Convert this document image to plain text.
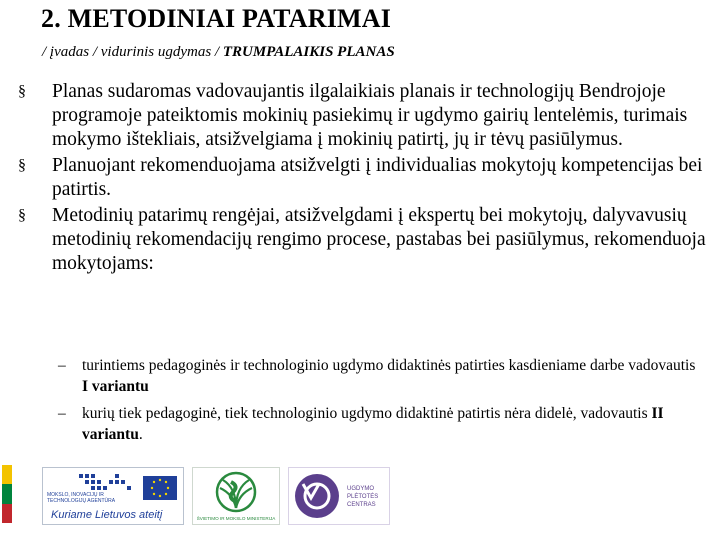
2. METODINIAI PATARIMAI
/ įvadas / vidurinis ugdymas / TRUMPALAIKIS PLANAS
§ Planas sudaromas vadovaujantis ilgalaikiais planais ir technologijų Bendrojoje programoje pateiktomis mokinių pasiekimų ir ugdymo gairių lentelėmis, turimais mokymo ištekliais, atsižvelgiama į mokinių patirtį, jų ir tėvų pasiūlymus.
§ Planuojant rekomenduojama atsižvelgti į individualias mokytojų kompetencijas bei patirtis.
§ Metodinių patarimų rengėjai, atsižvelgdami į ekspertų bei mokytojų, dalyvavusių metodinių rekomendacijų rengimo procese, pastabas bei pasiūlymus, rekomenduoja mokytojams:
– turintiems pedagoginės ir technologinio ugdymo didaktinės patirties kasdieniame darbe vadovautis I variantu
– kurių tiek pedagoginė, tiek technologinio ugdymo didaktinė patirtis nėra didelė, vadovautis II variantu.
MOKSLO, INOVACIJŲ IR
TECHNOLOGIJŲ AGENTŪRA
Kuriame Lietuvos ateitį	ŠVIETIMO IR MOKSLO MINISTERIJA
UGDYMO
PLĖTOTĖS
CENTRAS
